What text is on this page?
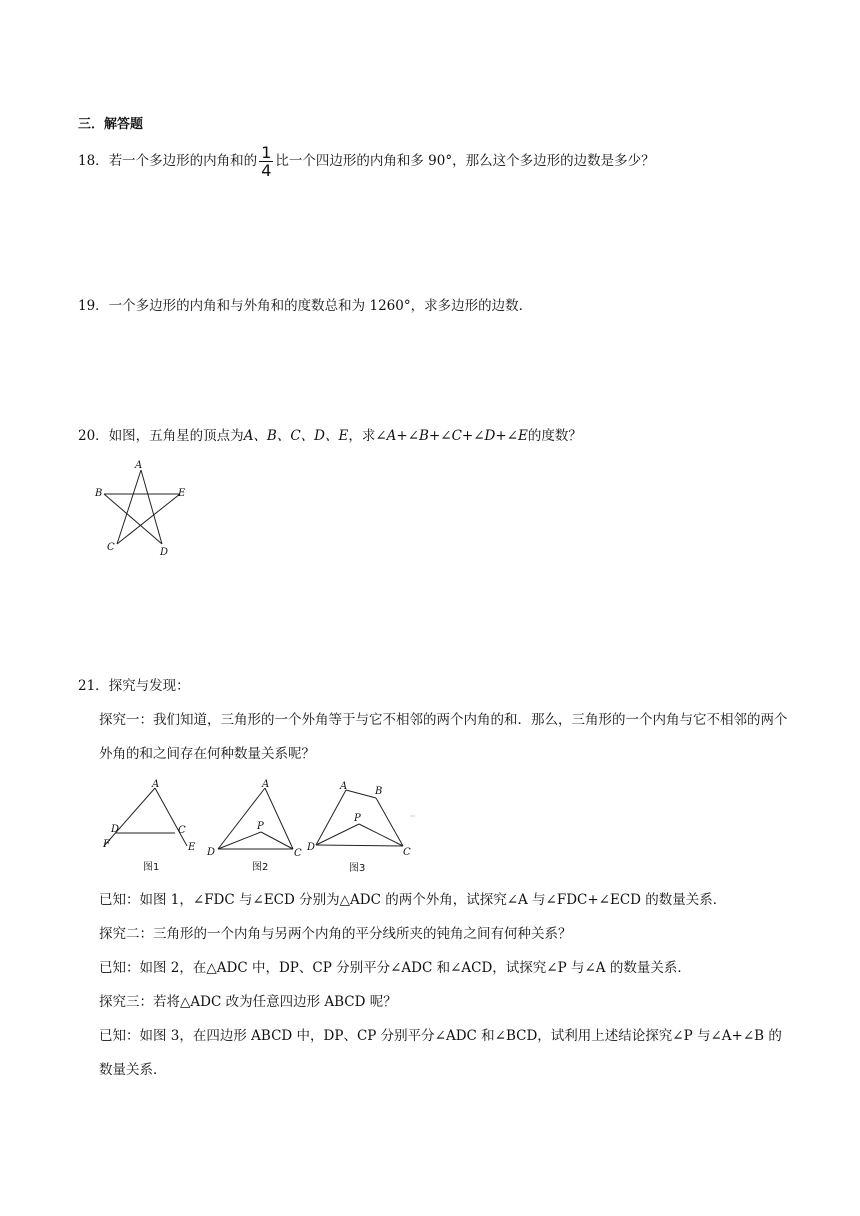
三．解答题
18．若一个多边形的内角和的 $\frac{1}{4}$ 比一个四边形的内角和多 90°，那么这个多边形的边数是多少？
19．一个多边形的内角和与外角和的度数总和为 1260°，求多边形的边数．
20．如图，五角星的顶点为A、B、C、D、E，求∠A+∠B+∠C+∠D+∠E的度数？
A
B	E
C	D
21．探究与发现：
探究一：我们知道，三角形的一个外角等于与它不相邻的两个内角的和．那么，三角形的一个内角与它不相邻的两个外角的和之间存在何种数量关系呢？
A
D	C
F	E
图1
A
P
D	C
图2
A	B
P
D	C
图3
已知：如图 1，∠FDC 与∠ECD 分别为△ADC 的两个外角，试探究∠A 与∠FDC+∠ECD 的数量关系．
探究二：三角形的一个内角与另两个内角的平分线所夹的钝角之间有何种关系？
已知：如图 2，在△ADC 中，DP、CP 分别平分∠ADC 和∠ACD，试探究∠P 与∠A 的数量关系．
探究三：若将△ADC 改为任意四边形 ABCD 呢？
已知：如图 3，在四边形 ABCD 中，DP、CP 分别平分∠ADC 和∠BCD，试利用上述结论探究∠P 与∠A+∠B 的数量关系．
